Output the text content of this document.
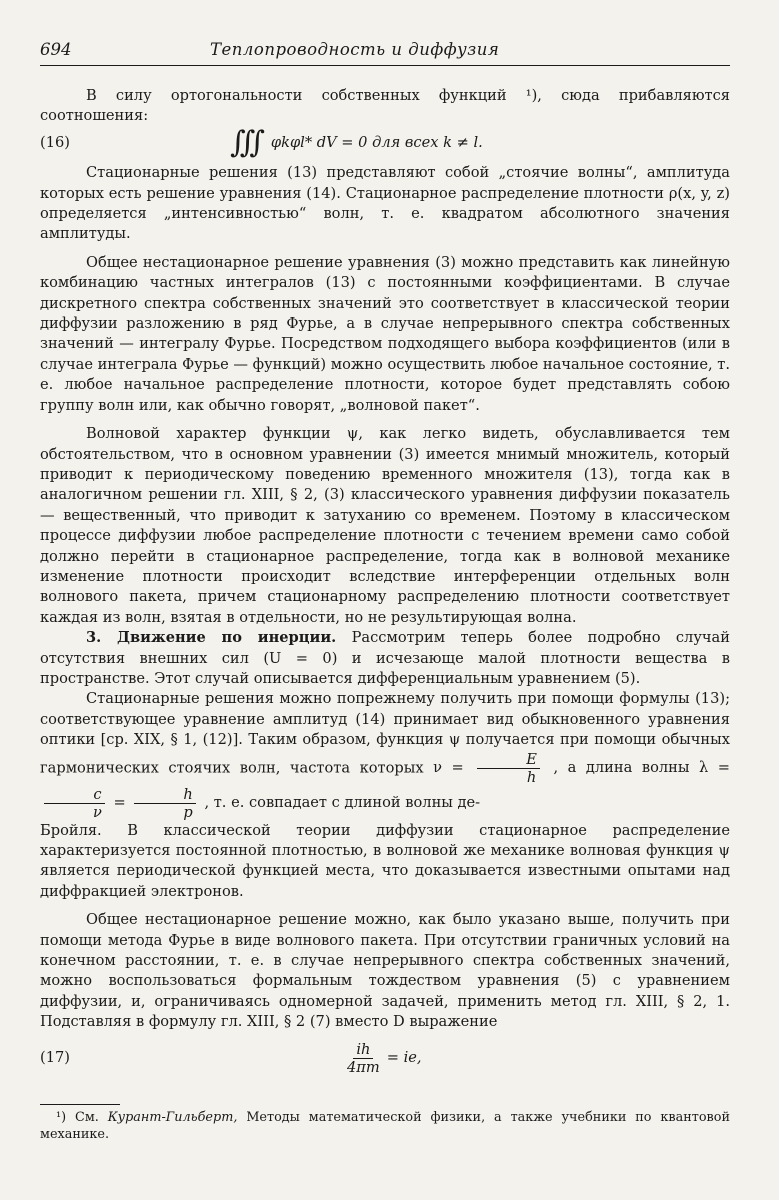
694	Теплопроводность и диффузия

В силу ортогональности собственных функций ¹), сюда прибавляются соотношения:

(16)	∫∫∫ φkφl* dV = 0 для всех k ≠ l.

Стационарные решения (13) представляют собой „стоячие волны“, амплитуда которых есть решение уравнения (14). Стационарное распределение плотности ρ(x, y, z) определяется „интенсивностью“ волн, т. е. квадратом абсолютного значения амплитуды.

Общее нестационарное решение уравнения (3) можно представить как линейную комбинацию частных интегралов (13) с постоянными коэффициентами. В случае дискретного спектра собственных значений это соответствует в классической теории диффузии разложению в ряд Фурье, а в случае непрерывного спектра собственных значений — интегралу Фурье. Посредством подходящего выбора коэффициентов (или в случае интеграла Фурье — функций) можно осуществить любое начальное состояние, т. е. любое начальное распределение плотности, которое будет представлять собою группу волн или, как обычно говорят, „волновой пакет“.

Волновой характер функции ψ, как легко видеть, обуславливается тем обстоятельством, что в основном уравнении (3) имеется мнимый множитель, который приводит к периодическому поведению временного множителя (13), тогда как в аналогичном решении гл. XIII, § 2, (3) классического уравнения диффузии показатель — вещественный, что приводит к затуханию со временем. Поэтому в классическом процессе диффузии любое распределение плотности с течением времени само собой должно перейти в стационарное распределение, тогда как в волновой механике изменение плотности происходит вследствие интерференции отдельных волн волнового пакета, причем стационарному распределению плотности соответствует каждая из волн, взятая в отдельности, но не результирующая волна.

3. Движение по инерции. Рассмотрим теперь более подробно случай отсутствия внешних сил (U = 0) и исчезающе малой плотности вещества в пространстве. Этот случай описывается дифференциальным уравнением (5).

Стационарные решения можно попрежнему получить при помощи формулы (13); соответствующее уравнение амплитуд (14) принимает вид обыкновенного уравнения оптики [ср. XIX, § 1, (12)]. Таким образом, функция ψ получается при помощи обычных гармонических стоячих волн, частота которых $\nu = \frac{E}{h}$ , а длина волны λ =
$\frac{c}{\nu} = \frac{h}{p}$ , т. е. совпадает с длиной волны де-

Бройля. В классической теории диффузии стационарное распределение характеризуется постоянной плотностью, в волновой же механике волновая функция ψ является периодической функцией места, что доказывается известными опытами над диффракцией электронов.

Общее нестационарное решение можно, как было указано выше, получить при помощи метода Фурье в виде волнового пакета. При отсутствии граничных условий на конечном расстоянии, т. е. в случае непрерывного спектра собственных значений, можно воспользоваться формальным тождеством уравнения (5) с уравнением диффузии, и, ограничиваясь одномерной задачей, применить метод гл. XIII, § 2, 1. Подставляя в формулу гл. XIII, § 2 (7) вместо D выражение

(17)	$\frac{ih}{4\pi m}$ = ie,

¹) См. Курант-Гильберт, Методы математической физики, а также учебники по квантовой механике.
